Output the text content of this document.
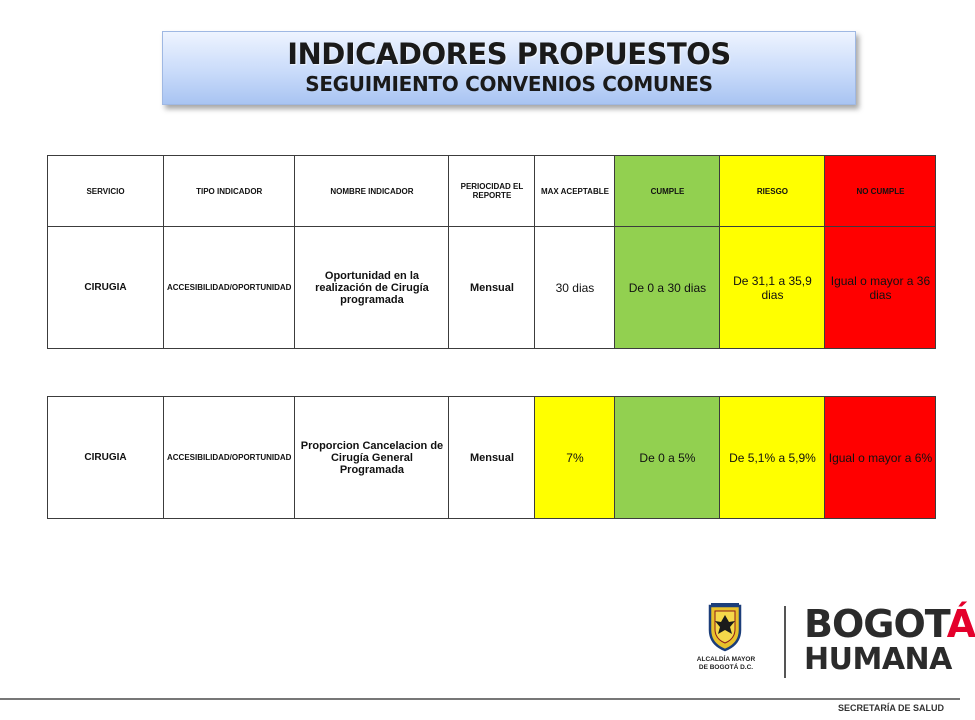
INDICADORES PROPUESTOS
SEGUIMIENTO CONVENIOS COMUNES
SERVICIO	TIPO INDICADOR	NOMBRE INDICADOR	PERIOCIDAD EL REPORTE	MAX ACEPTABLE	CUMPLE	RIESGO	NO CUMPLE
CIRUGIA	ACCESIBILIDAD/OPORTUNIDAD	Oportunidad en la realización de Cirugía programada	Mensual	30 dias	De 0 a 30 dias	De 31,1 a 35,9 dias	Igual o mayor a 36 dias
CIRUGIA	ACCESIBILIDAD/OPORTUNIDAD	Proporcion Cancelacion de Cirugía General Programada	Mensual	7%	De 0 a 5%	De 5,1% a 5,9%	Igual o mayor a 6%
ALCALDÍA MAYOR
DE BOGOTÁ D.C.
BOGOTÁ
HUMANA
SECRETARÍA DE SALUD
